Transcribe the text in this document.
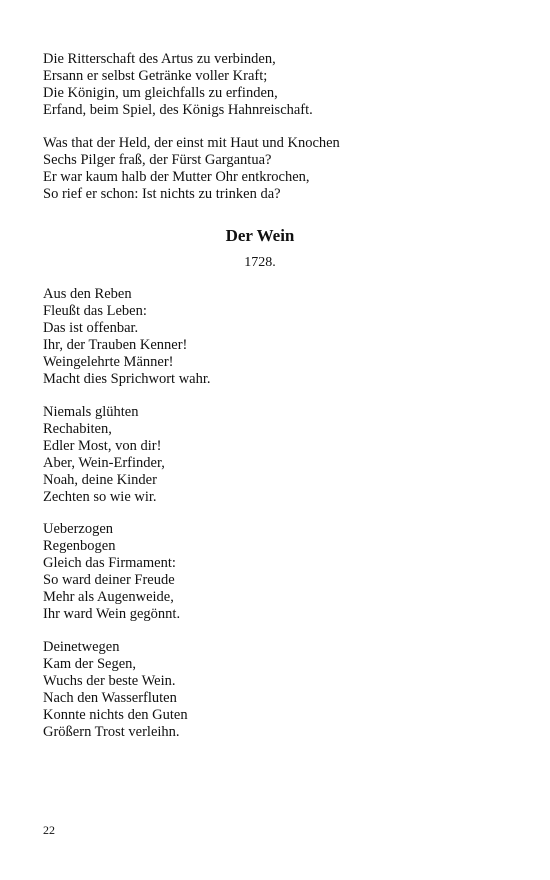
Die Ritterschaft des Artus zu verbinden,
Ersann er selbst Getränke voller Kraft;
Die Königin, um gleichfalls zu erfinden,
Erfand, beim Spiel, des Königs Hahnreischaft.
Was that der Held, der einst mit Haut und Knochen
Sechs Pilger fraß, der Fürst Gargantua?
Er war kaum halb der Mutter Ohr entkrochen,
So rief er schon: Ist nichts zu trinken da?
Der Wein
1728.
Aus den Reben
Fleußt das Leben:
Das ist offenbar.
Ihr, der Trauben Kenner!
Weingelehrte Männer!
Macht dies Sprichwort wahr.
Niemals glühten
Rechabiten,
Edler Most, von dir!
Aber, Wein-Erfinder,
Noah, deine Kinder
Zechten so wie wir.
Ueberzogen
Regenbogen
Gleich das Firmament:
So ward deiner Freude
Mehr als Augenweide,
Ihr ward Wein gegönnt.
Deinetwegen
Kam der Segen,
Wuchs der beste Wein.
Nach den Wasserfluten
Konnte nichts den Guten
Größern Trost verleihn.
22
